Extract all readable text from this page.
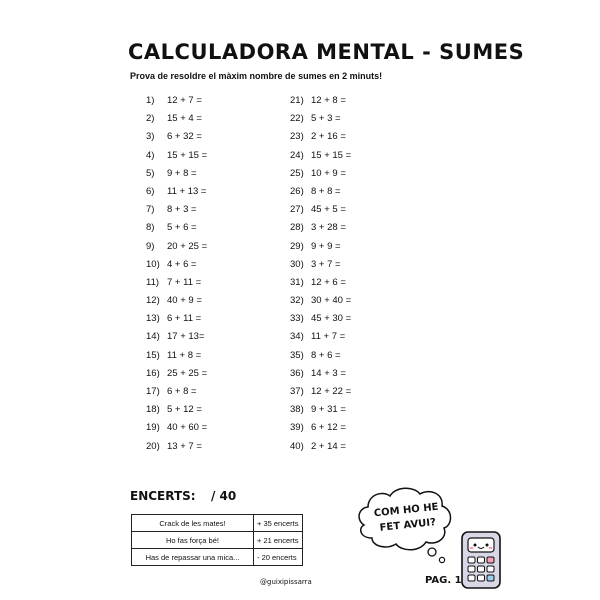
CALCULADORA MENTAL - SUMES
Prova de resoldre el màxim nombre de sumes en 2 minuts!
1)	12 + 7 =
2)	15 + 4 =
3)	6 + 32 =
4)	15 + 15 =
5)	9 + 8 =
6)	11 + 13 =
7)	8 + 3 =
8)	5 + 6 =
9)	20 + 25 =
10) 4 + 6 =
11) 7 + 11 =
12) 40 + 9 =
13) 6 + 11 =
14) 17 + 13=
15) 11 + 8 =
16) 25 + 25 =
17) 6 + 8 =
18) 5 + 12 =
19) 40 + 60 =
20) 13 + 7 =
21) 12 + 8 =
22) 5 + 3 =
23) 2 + 16 =
24) 15 + 15 =
25) 10 + 9 =
26) 8 + 8 =
27) 45 + 5 =
28) 3 + 28 =
29) 9 + 9 =
30) 3 + 7 =
31) 12 + 6 =
32) 30 + 40 =
33) 45 + 30 =
34) 11 + 7 =
35) 8 + 6 =
36) 14 + 3 =
37) 12 + 22 =
38) 9 + 31 =
39) 6 + 12 =
40) 2 + 14 =
ENCERTS: / 40
Crack de les mates!	+ 35 encerts
Ho fas força bé!	+ 21 encerts
Has de repassar una mica...	- 20 encerts
COM HO HE
FET AVUI?
@guixipissarra	PAG. 1
